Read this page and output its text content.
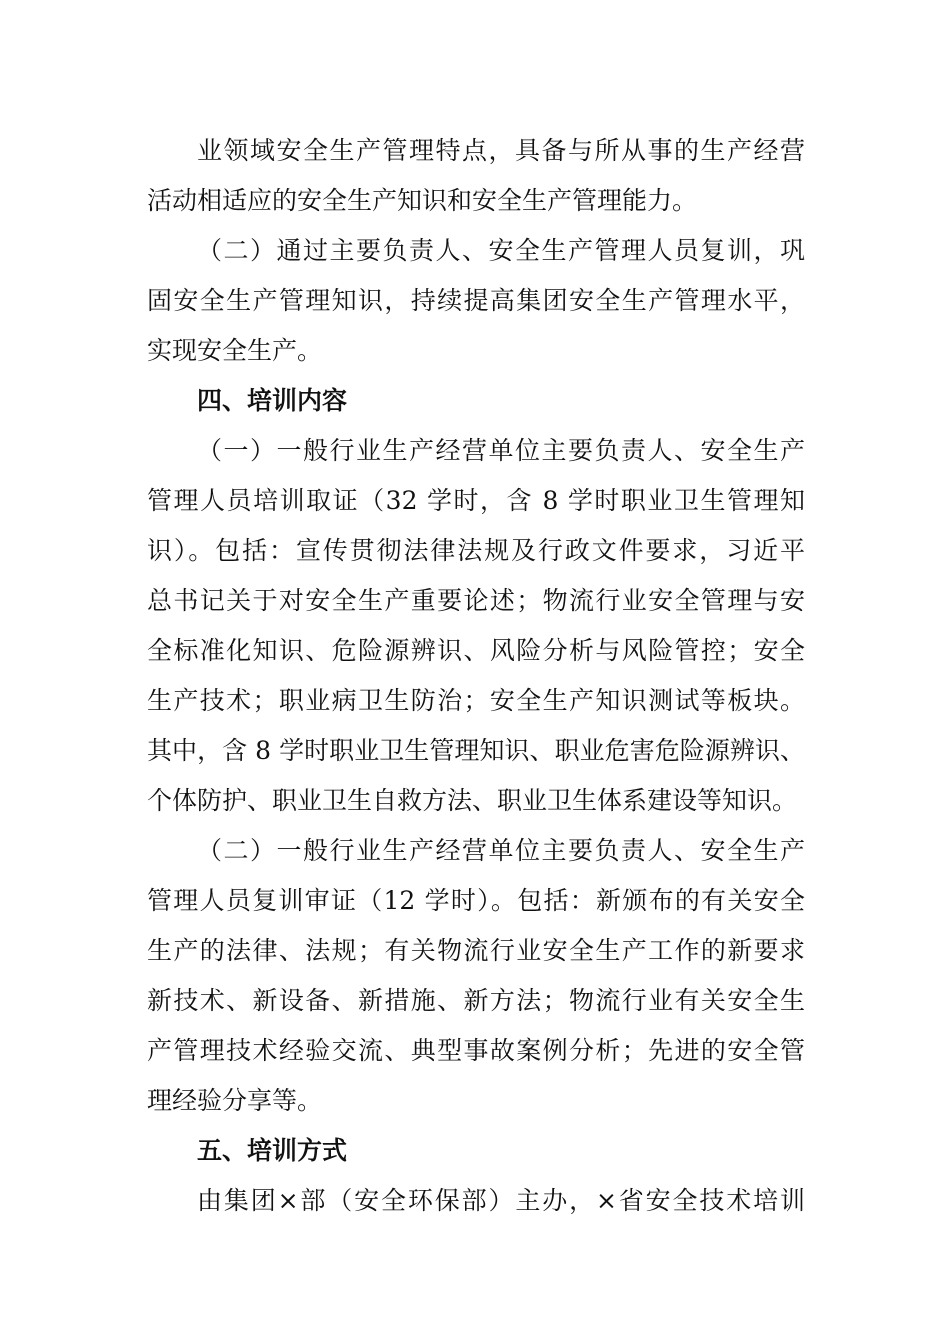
业领域安全生产管理特点，具备与所从事的生产经营
活动相适应的安全生产知识和安全生产管理能力。
（二）通过主要负责人、安全生产管理人员复训，巩
固安全生产管理知识，持续提高集团安全生产管理水平，
实现安全生产。
四、培训内容
（一）一般行业生产经营单位主要负责人、安全生产
管理人员培训取证（32 学时，含 8 学时职业卫生管理知
识）。包括：宣传贯彻法律法规及行政文件要求，习近平
总书记关于对安全生产重要论述；物流行业安全管理与安
全标准化知识、危险源辨识、风险分析与风险管控；安全
生产技术；职业病卫生防治；安全生产知识测试等板块。
其中，含 8 学时职业卫生管理知识、职业危害危险源辨识、
个体防护、职业卫生自救方法、职业卫生体系建设等知识。
（二）一般行业生产经营单位主要负责人、安全生产
管理人员复训审证（12 学时）。包括：新颁布的有关安全
生产的法律、法规；有关物流行业安全生产工作的新要求
新技术、新设备、新措施、新方法；物流行业有关安全生
产管理技术经验交流、典型事故案例分析；先进的安全管
理经验分享等。
五、培训方式
由集团×部（安全环保部）主办，×省安全技术培训
